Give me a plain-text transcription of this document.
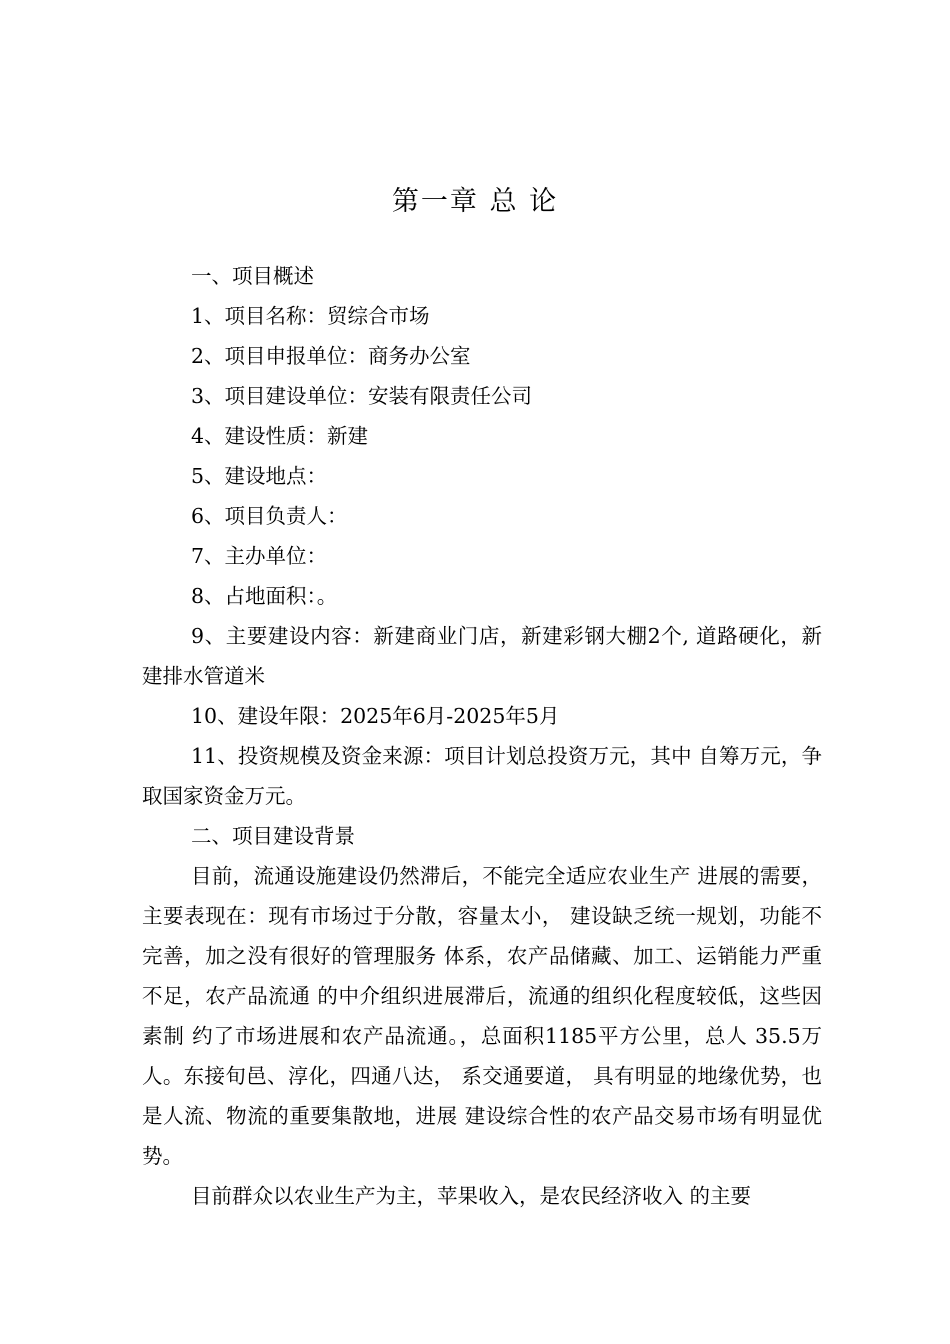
第一章 总 论

一、项目概述

1、项目名称：贸综合市场

2、项目申报单位：商务办公室

3、项目建设单位：安装有限责任公司

4、建设性质：新建

5、建设地点：

6、项目负责人：

7、主办单位：

8、占地面积：。

9、主要建设内容：新建商业门店，新建彩钢大棚2个, 道路硬化，新建排水管道米

10、建设年限：2025年6月-2025年5月

11、投资规模及资金来源：项目计划总投资万元，其中 自筹万元，争取国家资金万元。

二、项目建设背景

目前，流通设施建设仍然滞后，不能完全适应农业生产 进展的需要，主要表现在：现有市场过于分散，容量太小， 建设缺乏统一规划，功能不完善，加之没有很好的管理服务 体系，农产品储藏、加工、运销能力严重不足，农产品流通 的中介组织进展滞后，流通的组织化程度较低，这些因素制 约了市场进展和农产品流通。，总面积1185平方公里，总人 35.5万人。东接旬邑、淳化，四通八达， 系交通要道， 具有明显的地缘优势，也是人流、物流的重要集散地，进展 建设综合性的农产品交易市场有明显优势。

目前群众以农业生产为主，苹果收入，是农民经济收入 的主要
